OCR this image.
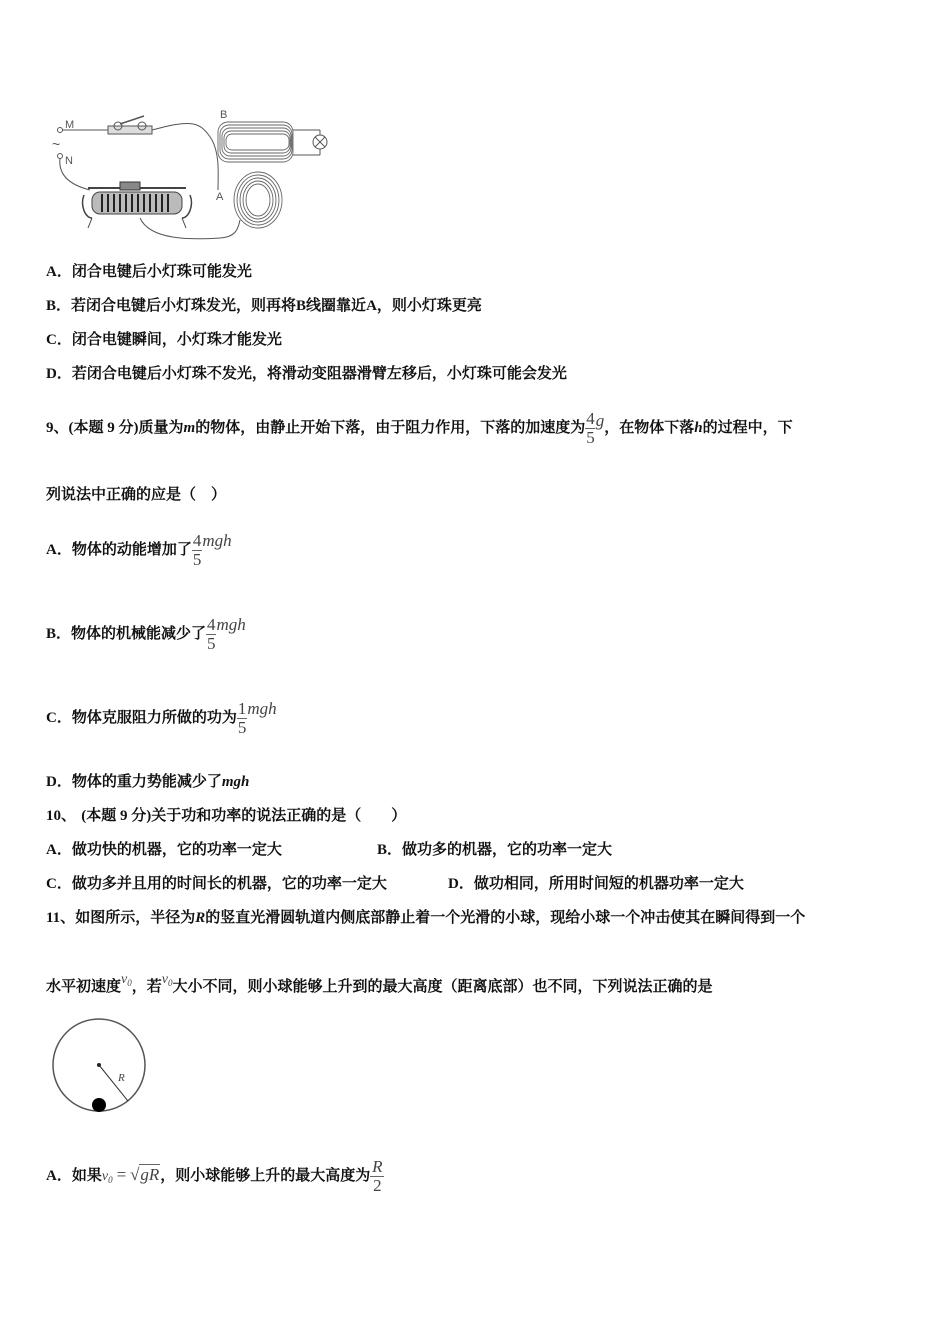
M
~
N
B
A
A．闭合电键后小灯珠可能发光
B．若闭合电键后小灯珠发光，则再将B线圈靠近A，则小灯珠更亮
C．闭合电键瞬间，小灯珠才能发光
D．若闭合电键后小灯珠不发光，将滑动变阻器滑臂左移后，小灯珠可能会发光
9、(本题 9 分)质量为m的物体，由静止开始下落，由于阻力作用，下落的加速度为 $\frac{4}{5}$ g，在物体下落h的过程中，下
列说法中正确的应是（　）
A．物体的动能增加了 $\frac{4}{5}$ mgh
B．物体的机械能减少了 $\frac{4}{5}$ mgh
C．物体克服阻力所做的功为 $\frac{1}{5}$ mgh
D．物体的重力势能减少了mgh
10、 (本题 9 分)关于功和功率的说法正确的是（　　）
A．做功快的机器，它的功率一定大	B．做功多的机器，它的功率一定大
C．做功多并且用的时间长的机器，它的功率一定大	D．做功相同，所用时间短的机器功率一定大
11、如图所示，半径为R的竖直光滑圆轨道内侧底部静止着一个光滑的小球，现给小球一个冲击使其在瞬间得到一个
水平初速度$v_0$，若$v_0$大小不同，则小球能够上升到的最大高度（距离底部）也不同，下列说法正确的是
R
A．如果$v_0 = √gR$，则小球能够上升的最大高度为 $\frac{R}{2}$
